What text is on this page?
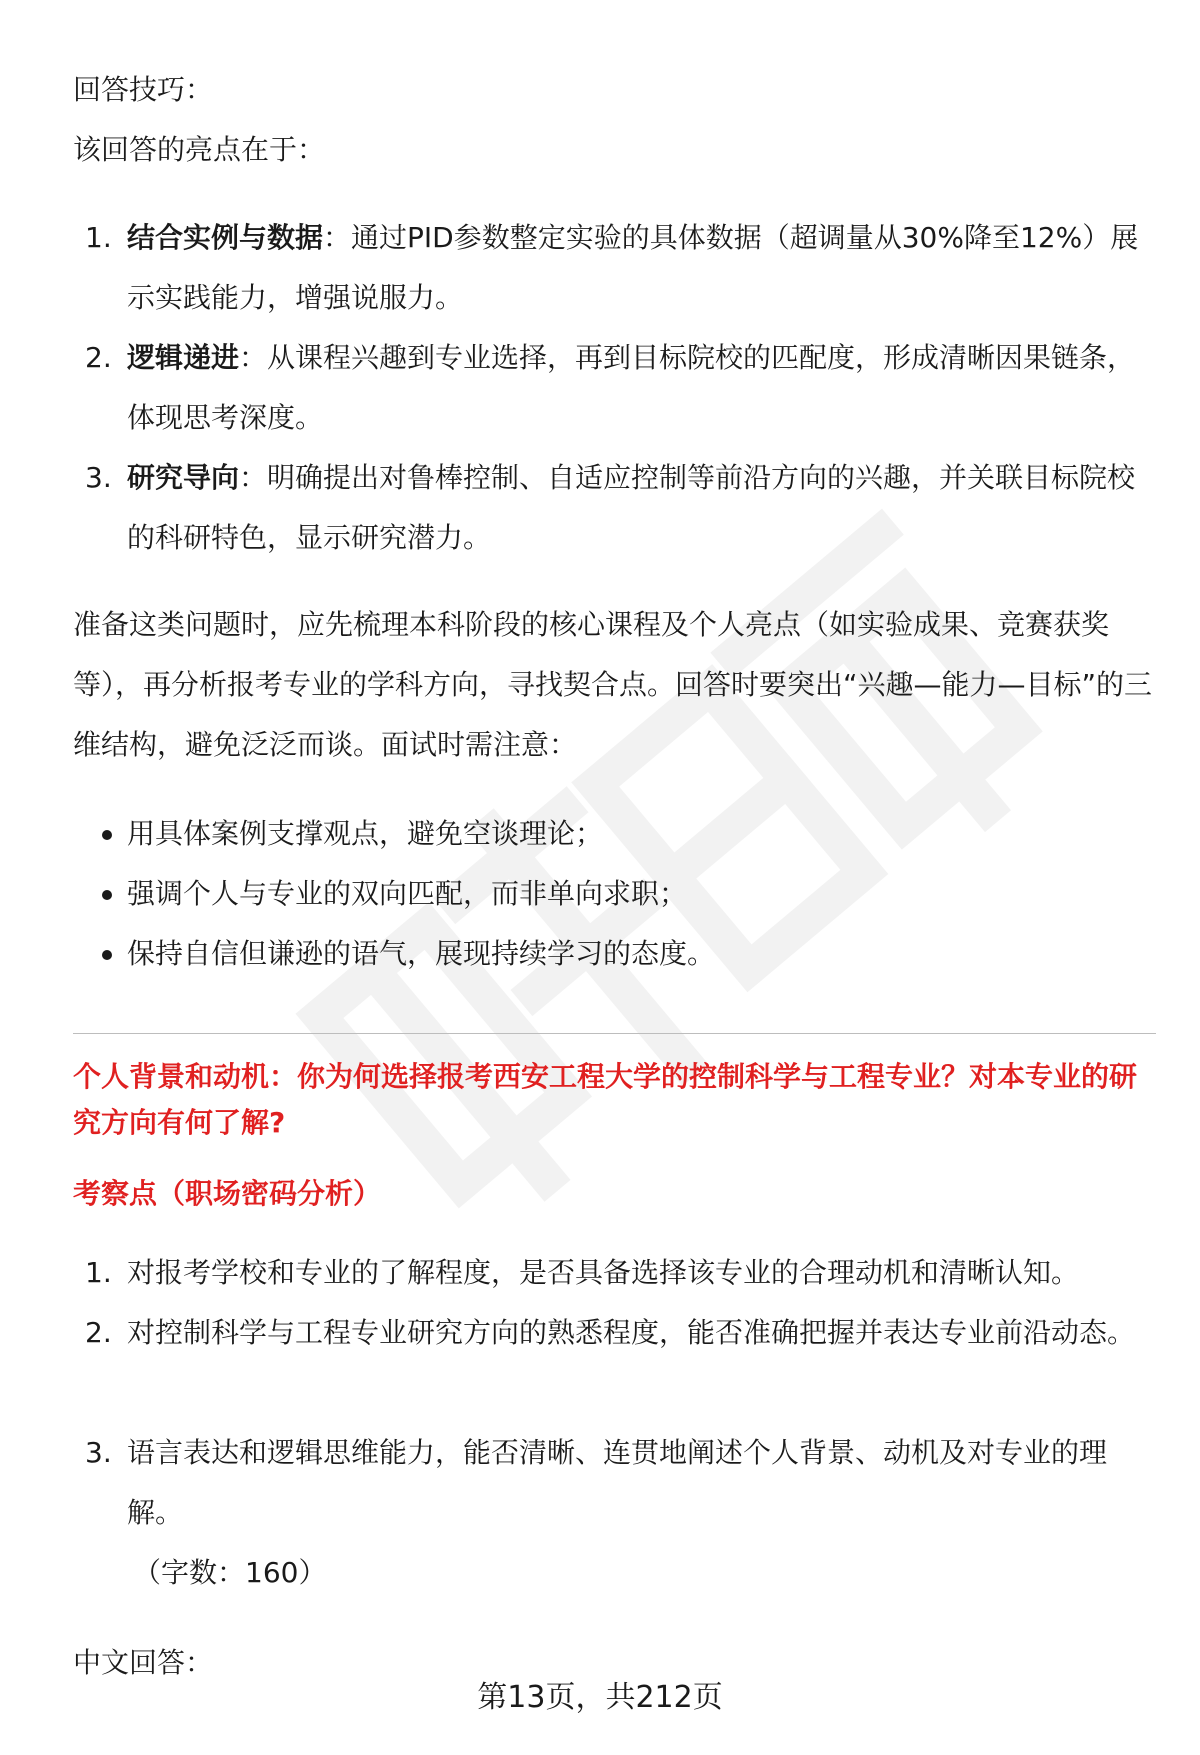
回答技巧：

该回答的亮点在于：

1. 结合实例与数据：通过PID参数整定实验的具体数据（超调量从30%降至12%）展示实践能力，增强说服力。
2. 逻辑递进：从课程兴趣到专业选择，再到目标院校的匹配度，形成清晰因果链条，体现思考深度。
3. 研究导向：明确提出对鲁棒控制、自适应控制等前沿方向的兴趣，并关联目标院校的科研特色，显示研究潜力。

准备这类问题时，应先梳理本科阶段的核心课程及个人亮点（如实验成果、竞赛获奖等），再分析报考专业的学科方向，寻找契合点。回答时要突出“兴趣—能力—目标”的三维结构，避免泛泛而谈。面试时需注意：

用具体案例支撑观点，避免空谈理论；
强调个人与专业的双向匹配，而非单向求职；
保持自信但谦逊的语气，展现持续学习的态度。

个人背景和动机：你为何选择报考西安工程大学的控制科学与工程专业？对本专业的研究方向有何了解?

考察点（职场密码分析）

1. 对报考学校和专业的了解程度，是否具备选择该专业的合理动机和清晰认知。
2. 对控制科学与工程专业研究方向的熟悉程度，能否准确把握并表达专业前沿动态。
3. 语言表达和逻辑思维能力，能否清晰、连贯地阐述个人背景、动机及对专业的理解。

（字数：160）

中文回答：

第13页，共212页
